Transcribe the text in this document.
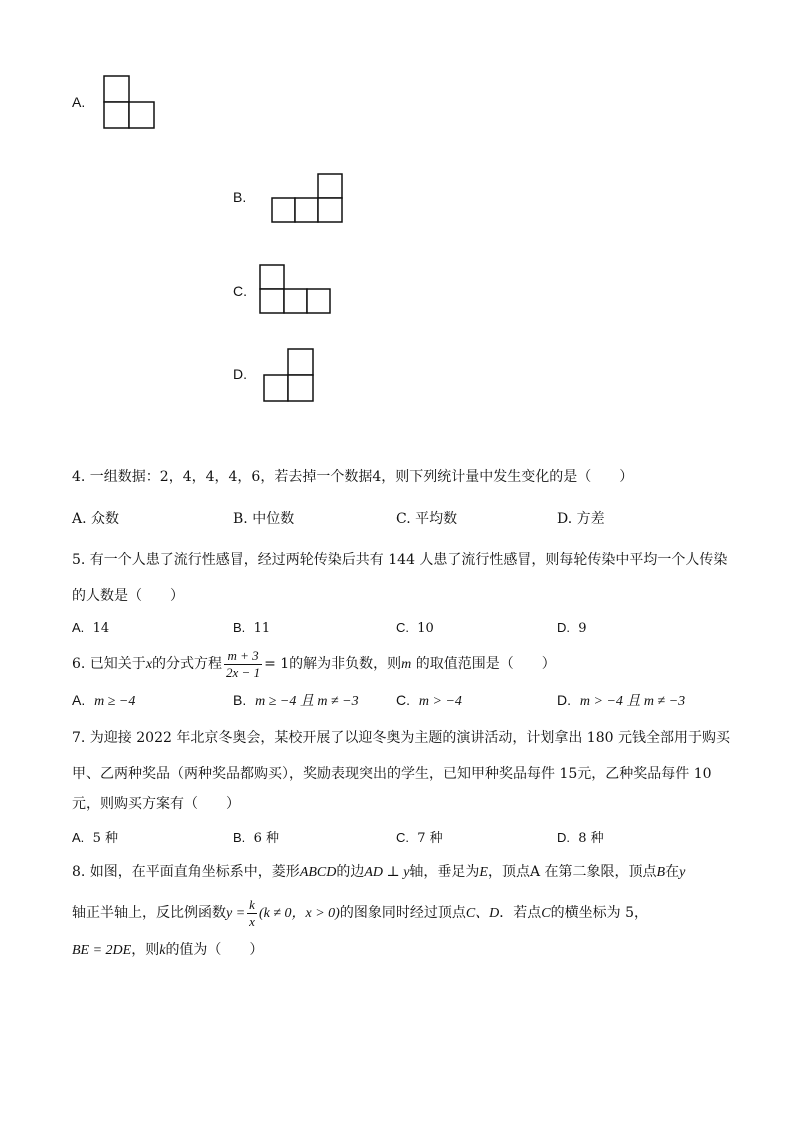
A.
B.
C.
D.
4. 一组数据：2，4，4，4，6，若去掉一个数据4，则下列统计量中发生变化的是（　　）
A. 众数	B. 中位数	C. 平均数	D. 方差
5. 有一个人患了流行性感冒，经过两轮传染后共有 144 人患了流行性感冒，则每轮传染中平均一个人传染
的人数是（　　）
A. 14	B. 11	C. 10	D. 9
6. 已知关于x的分式方程 $\frac{m + 3}{2x - 1} = 1$的解为非负数，则m 的取值范围是（　　）
A. m ≥ −4	B. m ≥ −4 且 m ≠ −3	C. m > −4	D. m > −4 且 m ≠ −3
7. 为迎接 2022 年北京冬奥会，某校开展了以迎冬奥为主题的演讲活动，计划拿出 180 元钱全部用于购买
甲、乙两种奖品（两种奖品都购买），奖励表现突出的学生，已知甲种奖品每件 15元，乙种奖品每件 10
元，则购买方案有（　　）
A. 5 种	B. 6 种	C. 7 种	D. 8 种
8. 如图，在平面直角坐标系中，菱形ABCD的边AD ⊥ y轴，垂足为E，顶点A 在第二象限，顶点B在y
轴正半轴上，反比例函数$y = \frac{k}{x} (k \ne 0$，x > 0)的图象同时经过顶点C、D．若点C的横坐标为 5，
BE = 2DE，则k的值为（　　）
